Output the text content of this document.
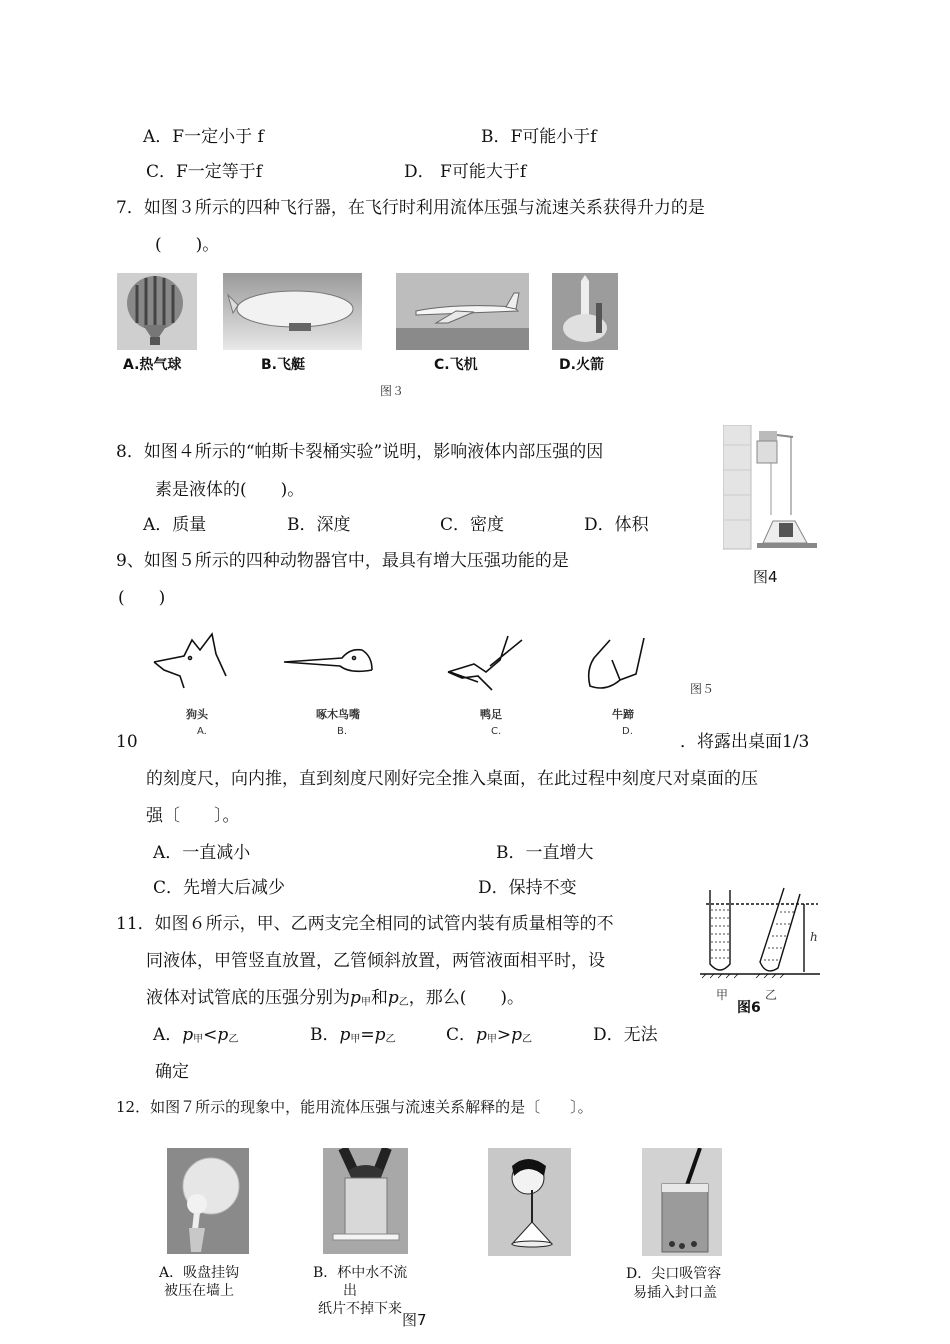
A．F一定小于 f	B．F可能小于f
C．F一定等于f	D． F可能大于f
7．如图３所示的四种飞行器，在飞行时利用流体压强与流速关系获得升力的是
(　　)。
A.热气球	B.飞艇	C.飞机	D.火箭
图３
8．如图４所示的“帕斯卡裂桶实验”说明，影响液体内部压强的因
素是液体的(　　)。
A．质量	B．深度	C．密度	D．体积
图4
9、如图５所示的四种动物器官中，最具有增大压强功能的是
(　　)
狗头	啄木鸟嘴	鸭足	牛蹄
A.	B.	C.	D.
图５
10	．将露出桌面1/3
的刻度尺，向内推，直到刻度尺刚好完全推入桌面，在此过程中刻度尺对桌面的压
强〔　　〕。
A．一直减小	B．一直增大
C．先增大后减少	D．保持不变
11．如图６所示，甲、乙两支完全相同的试管内装有质量相等的不
同液体，甲管竖直放置，乙管倾斜放置，两管液面相平时，设
液体对试管底的压强分别为$p_甲$和$p_乙$，那么(　　)。
A．$p_甲<p_乙$	B．$p_甲=p_乙$	C．$p_甲>p_乙$	D．无法
确定
h
甲	乙
图6
12．如图７所示的现象中，能用流体压强与流速关系解释的是〔　　〕。
A．吸盘挂钩
被压在墙上
B．杯中水不流
出
纸片不掉下来
D．尖口吸管容
易插入封口盖
图7
